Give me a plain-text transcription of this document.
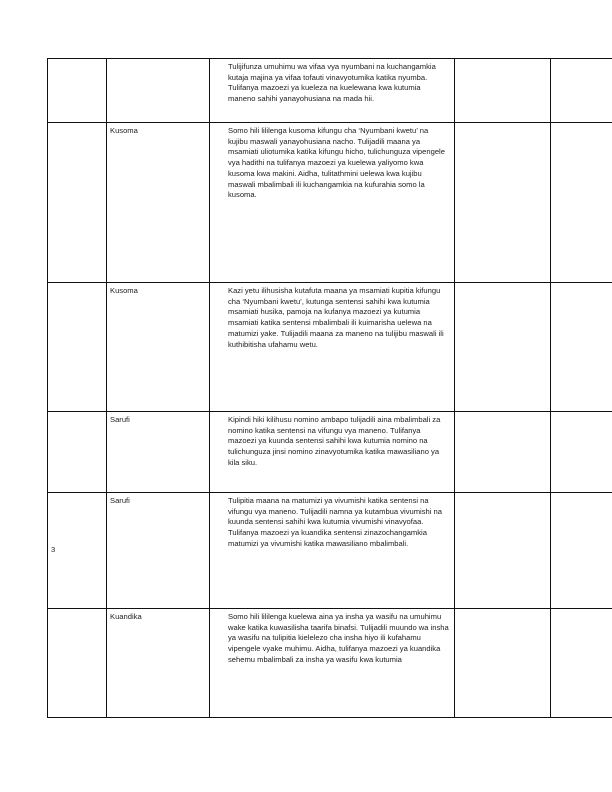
		Tulijifunza umuhimu wa vifaa vya nyumbani na kuchangamkia kutaja majina ya vifaa tofauti vinavyotumika katika nyumba. Tulifanya mazoezi ya kueleza na kuelewana kwa kutumia maneno sahihi yanayohusiana na mada hii.			
	Kusoma	Somo hili lililenga kusoma kifungu cha ‘Nyumbani kwetu’ na kujibu maswali yanayohusiana nacho. Tulijadili maana ya msamiati uliotumika katika kifungu hicho, tulichunguza vipengele vya hadithi na tulifanya mazoezi ya kuelewa yaliyomo kwa kusoma kwa makini. Aidha, tulitathmini uelewa kwa kujibu maswali mbalimbali ili kuchangamkia na kufurahia somo la kusoma.			
	Kusoma	Kazi yetu ilihusisha kutafuta maana ya msamiati kupitia kifungu cha ‘Nyumbani kwetu’, kutunga sentensi sahihi kwa kutumia msamiati husika, pamoja na kufanya mazoezi ya kutumia msamiati katika sentensi mbalimbali ili kuimarisha uelewa na matumizi yake. Tulijadili maana za maneno na tulijibu maswali ili kuthibitisha ufahamu wetu.			
	Sarufi	Kipindi hiki kilihusu nomino ambapo tulijadili aina mbalimbali za nomino katika sentensi na vifungu vya maneno. Tulifanya mazoezi ya kuunda sentensi sahihi kwa kutumia nomino na tulichunguza jinsi nomino zinavyotumika katika mawasiliano ya kila siku.			
3	Sarufi	Tulipitia maana na matumizi ya vivumishi katika sentensi na vifungu vya maneno. Tulijadili namna ya kutambua vivumishi na kuunda sentensi sahihi kwa kutumia vivumishi vinavyofaa. Tulifanya mazoezi ya kuandika sentensi zinazochangamkia matumizi ya vivumishi katika mawasiliano mbalimbali.			
	Kuandika	Somo hili lililenga kuelewa aina ya insha ya wasifu na umuhimu wake katika kuwasilisha taarifa binafsi. Tulijadili muundo wa insha ya wasifu na tulipitia kielelezo cha insha hiyo ili kufahamu vipengele vyake muhimu. Aidha, tulifanya mazoezi ya kuandika sehemu mbalimbali za insha ya wasifu kwa kutumia			
